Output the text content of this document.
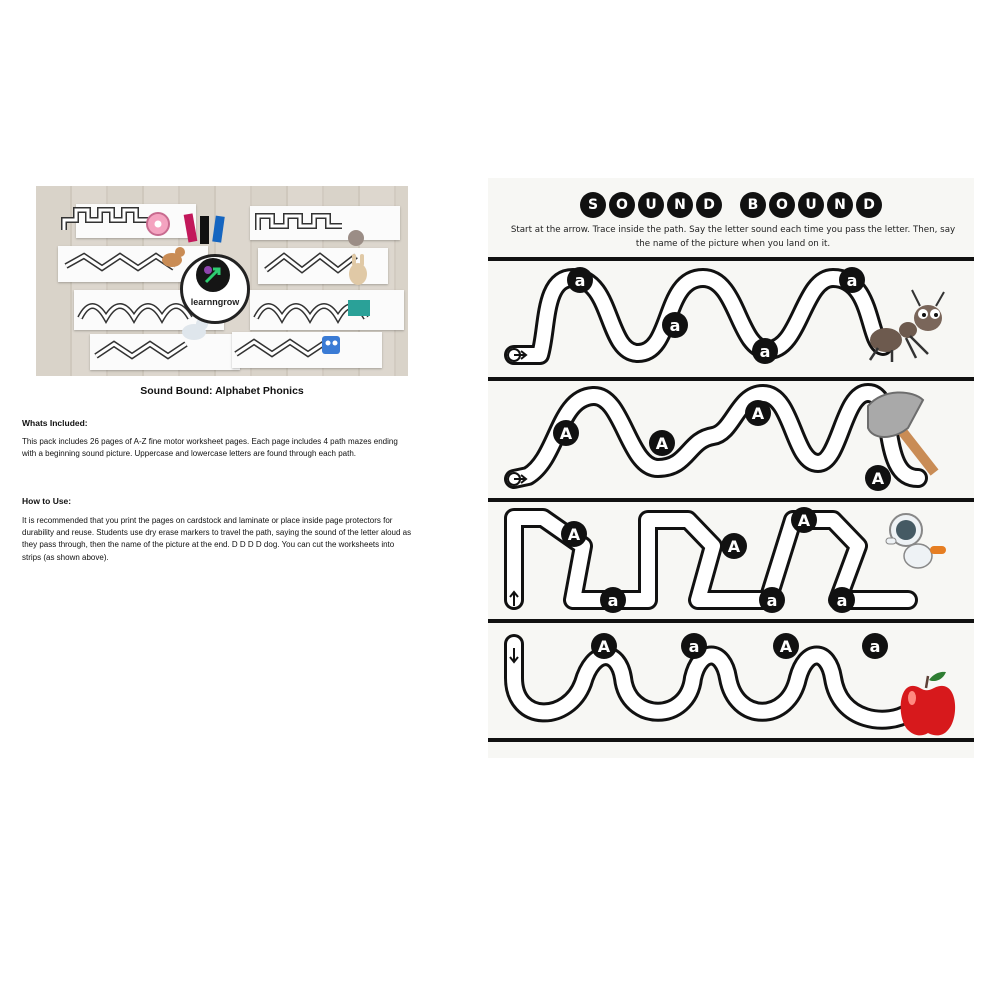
learnngrow
Sound Bound: Alphabet Phonics
Whats Included:
This pack includes 26 pages of A-Z fine motor worksheet pages. Each page includes 4 path mazes ending with a beginning sound picture. Uppercase and lowercase letters are found through each path.
How to Use:
It is recommended that you print the pages on cardstock and laminate or place inside page protectors for durability and reuse. Students use dry erase markers to travel the path, saying the sound of the letter aloud as they pass through, then the name of the picture at the end. D D D D dog. You can cut the worksheets into strips (as shown above).
S	O	U	N	D	B	O	U	N	D
Start at the arrow. Trace inside the path. Say the letter sound each time you pass the letter. Then, say the name of the picture when you land on it.
a
a
a
a
A
A
A
A
A
a
A
a
A
a
A	a	A	a
